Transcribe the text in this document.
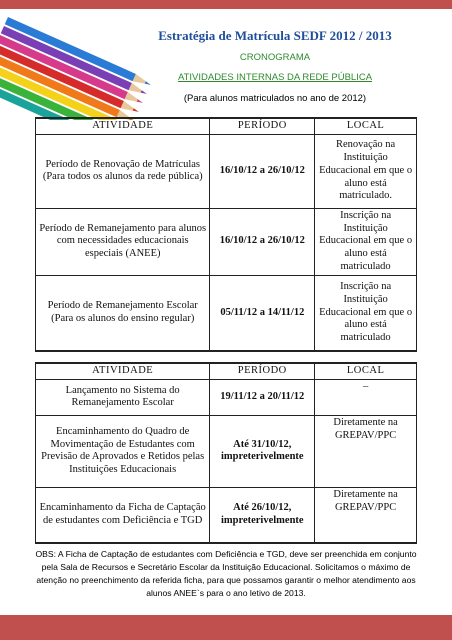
Estratégia de Matrícula SEDF 2012 / 2013
CRONOGRAMA
ATIVIDADES INTERNAS DA REDE PÚBLICA
(Para alunos matriculados no ano de 2012)
ATIVIDADE	PERÍODO	LOCAL
Período de Renovação de Matrículas (Para todos os alunos da rede pública)	16/10/12 a 26/10/12	Renovação na Instituição Educacional em que o aluno está matriculado.
Período de Remanejamento para alunos com necessidades educacionais especiais (ANEE)	16/10/12 a 26/10/12	Inscrição na Instituição Educacional em que o aluno está matriculado
Período de Remanejamento Escolar (Para os alunos do ensino regular)	05/11/12 a 14/11/12	Inscrição na Instituição Educacional em que o aluno está matriculado
ATIVIDADE	PERÍODO	LOCAL
Lançamento no Sistema do Remanejamento Escolar	19/11/12 a 20/11/12	–
Encaminhamento do Quadro de Movimentação de Estudantes com Previsão de Aprovados e Retidos pelas Instituições Educacionais	Até 31/10/12, impreterivelmente	Diretamente na GREPAV/PPC
Encaminhamento da Ficha de Captação de estudantes com Deficiência e TGD	Até 26/10/12, impreterivelmente	Diretamente na GREPAV/PPC
OBS: A Ficha de Captação de estudantes com Deficiência e TGD, deve ser preenchida em conjunto pela Sala de Recursos e Secretário Escolar da Instituição Educacional. Solicitamos o máximo de atenção no preenchimento da referida ficha, para que possamos garantir o melhor atendimento aos alunos ANEE`s para o ano letivo de 2013.
